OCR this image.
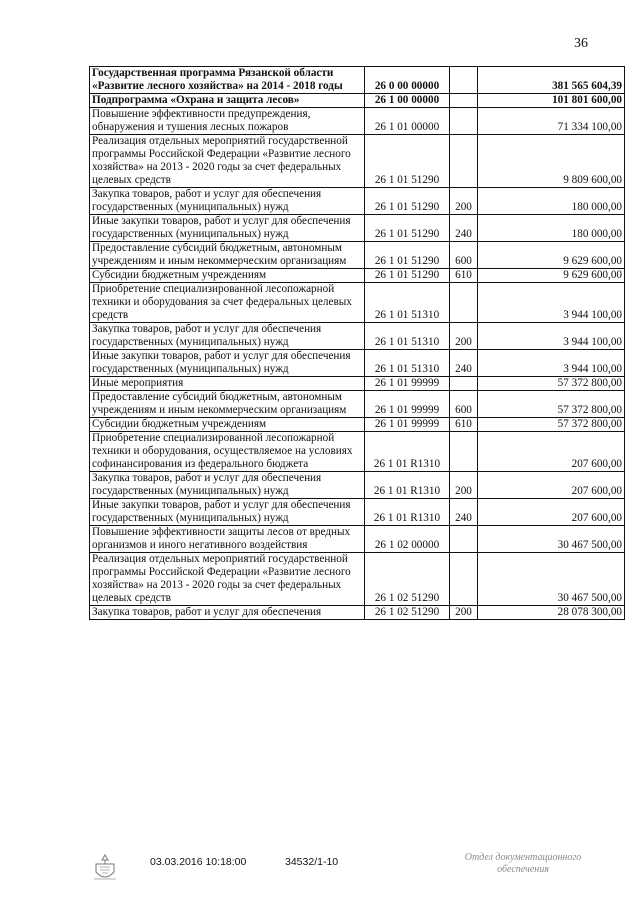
36
Государственная программа Рязанской области «Развитие лесного хозяйства» на 2014 - 2018 годы	26 0 00 00000		381 565 604,39
Подпрограмма «Охрана и защита лесов»	26 1 00 00000		101 801 600,00
Повышение эффективности предупреждения, обнаружения и тушения лесных пожаров	26 1 01 00000		71 334 100,00
Реализация отдельных мероприятий государственной программы Российской Федерации «Развитие лесного хозяйства» на 2013 - 2020 годы за счет федеральных целевых средств	26 1 01 51290		9 809 600,00
Закупка товаров, работ и услуг для обеспечения государственных (муниципальных) нужд	26 1 01 51290	200	180 000,00
Иные закупки товаров, работ и услуг для обеспечения государственных (муниципальных) нужд	26 1 01 51290	240	180 000,00
Предоставление субсидий бюджетным, автономным учреждениям и иным некоммерческим организациям	26 1 01 51290	600	9 629 600,00
Субсидии бюджетным учреждениям	26 1 01 51290	610	9 629 600,00
Приобретение специализированной лесопожарной техники и оборудования за счет федеральных целевых средств	26 1 01 51310		3 944 100,00
Закупка товаров, работ и услуг для обеспечения государственных (муниципальных) нужд	26 1 01 51310	200	3 944 100,00
Иные закупки товаров, работ и услуг для обеспечения государственных (муниципальных) нужд	26 1 01 51310	240	3 944 100,00
Иные мероприятия	26 1 01 99999		57 372 800,00
Предоставление субсидий бюджетным, автономным учреждениям и иным некоммерческим организациям	26 1 01 99999	600	57 372 800,00
Субсидии бюджетным учреждениям	26 1 01 99999	610	57 372 800,00
Приобретение специализированной лесопожарной техники и оборудования, осуществляемое на условиях софинансирования из федерального бюджета	26 1 01 R1310		207 600,00
Закупка товаров, работ и услуг для обеспечения государственных (муниципальных) нужд	26 1 01 R1310	200	207 600,00
Иные закупки товаров, работ и услуг для обеспечения государственных (муниципальных) нужд	26 1 01 R1310	240	207 600,00
Повышение эффективности защиты лесов от вредных организмов и иного негативного воздействия	26 1 02 00000		30 467 500,00
Реализация отдельных мероприятий государственной программы Российской Федерации «Развитие лесного хозяйства» на 2013 - 2020 годы за счет федеральных целевых средств	26 1 02 51290		30 467 500,00
Закупка товаров, работ и услуг для обеспечения	26 1 02 51290	200	28 078 300,00
03.03.2016 10:18:00	34532/1-10	Отдел документационного
обеспечения
